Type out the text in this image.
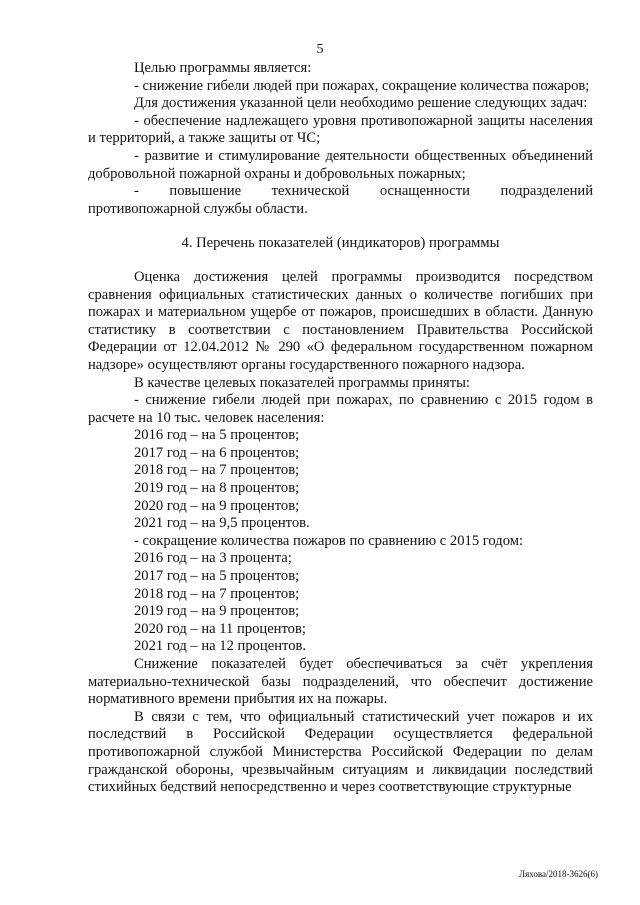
5

Целью программы является:

- снижение гибели людей при пожарах, сокращение количества пожаров;

Для достижения указанной цели необходимо решение следующих задач:

- обеспечение надлежащего уровня противопожарной защиты населения и территорий, а также защиты от ЧС;

- развитие и стимулирование деятельности общественных объединений добровольной пожарной охраны и добровольных пожарных;

- повышение технической оснащенности подразделений противопожарной службы области.

4. Перечень показателей (индикаторов) программы

Оценка достижения целей программы производится посредством сравнения официальных статистических данных о количестве погибших при пожарах и материальном ущербе от пожаров, происшедших в области. Данную статистику в соответствии с постановлением Правительства Российской Федерации от 12.04.2012 № 290 «О федеральном государственном пожарном надзоре» осуществляют органы государственного пожарного надзора.

В качестве целевых показателей программы приняты:

- снижение гибели людей при пожарах, по сравнению с 2015 годом в расчете на 10 тыс. человек населения:

2016 год – на 5 процентов;

2017 год – на 6 процентов;

2018 год – на 7 процентов;

2019 год – на 8 процентов;

2020 год – на 9 процентов;

2021 год – на 9,5 процентов.

- сокращение количества пожаров по сравнению с 2015 годом:

2016 год – на 3 процента;

2017 год – на 5 процентов;

2018 год – на 7 процентов;

2019 год – на 9 процентов;

2020 год – на 11 процентов;

2021 год – на 12 процентов.

Снижение показателей будет обеспечиваться за счёт укрепления материально-технической базы подразделений, что обеспечит достижение нормативного времени прибытия их на пожары.

В связи с тем, что официальный статистический учет пожаров и их последствий в Российской Федерации осуществляется федеральной противопожарной службой Министерства Российской Федерации по делам гражданской обороны, чрезвычайным ситуациям и ликвидации последствий стихийных бедствий непосредственно и через соответствующие структурные

Ляхова/2018-3626(6)
